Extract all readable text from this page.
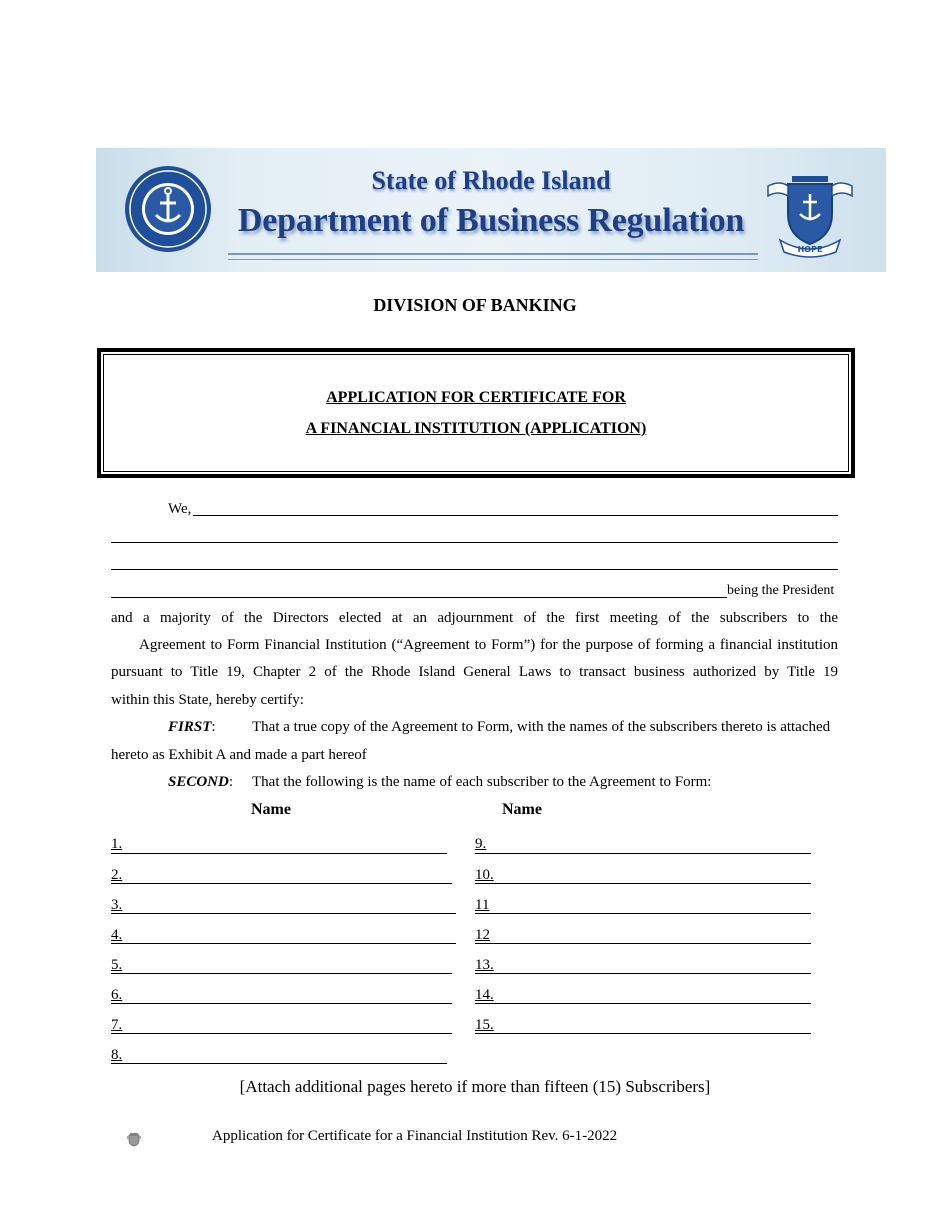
State of Rhode Island
Department of Business Regulation
HOPE
DIVISION OF BANKING
APPLICATION FOR CERTIFICATE FOR
A FINANCIAL INSTITUTION (APPLICATION)
We,
being the President
and a majority of the Directors elected at an adjournment of the first meeting of the subscribers to the
Agreement to Form Financial Institution (“Agreement to Form”) for the purpose of forming a financial institution
pursuant to Title 19, Chapter 2 of the Rhode Island General Laws to transact business authorized by Title 19
within this State, hereby certify:
FIRST: That a true copy of the Agreement to Form, with the names of the subscribers thereto is attached
hereto as Exhibit A and made a part hereof
SECOND: That the following is the name of each subscriber to the Agreement to Form:
Name	Name
1.
2.
3.
4.
5.
6.
7.
8.
9.
10.
11
12
13.
14.
15.
[Attach additional pages hereto if more than fifteen (15) Subscribers]
Application for Certificate for a Financial Institution Rev. 6-1-2022
